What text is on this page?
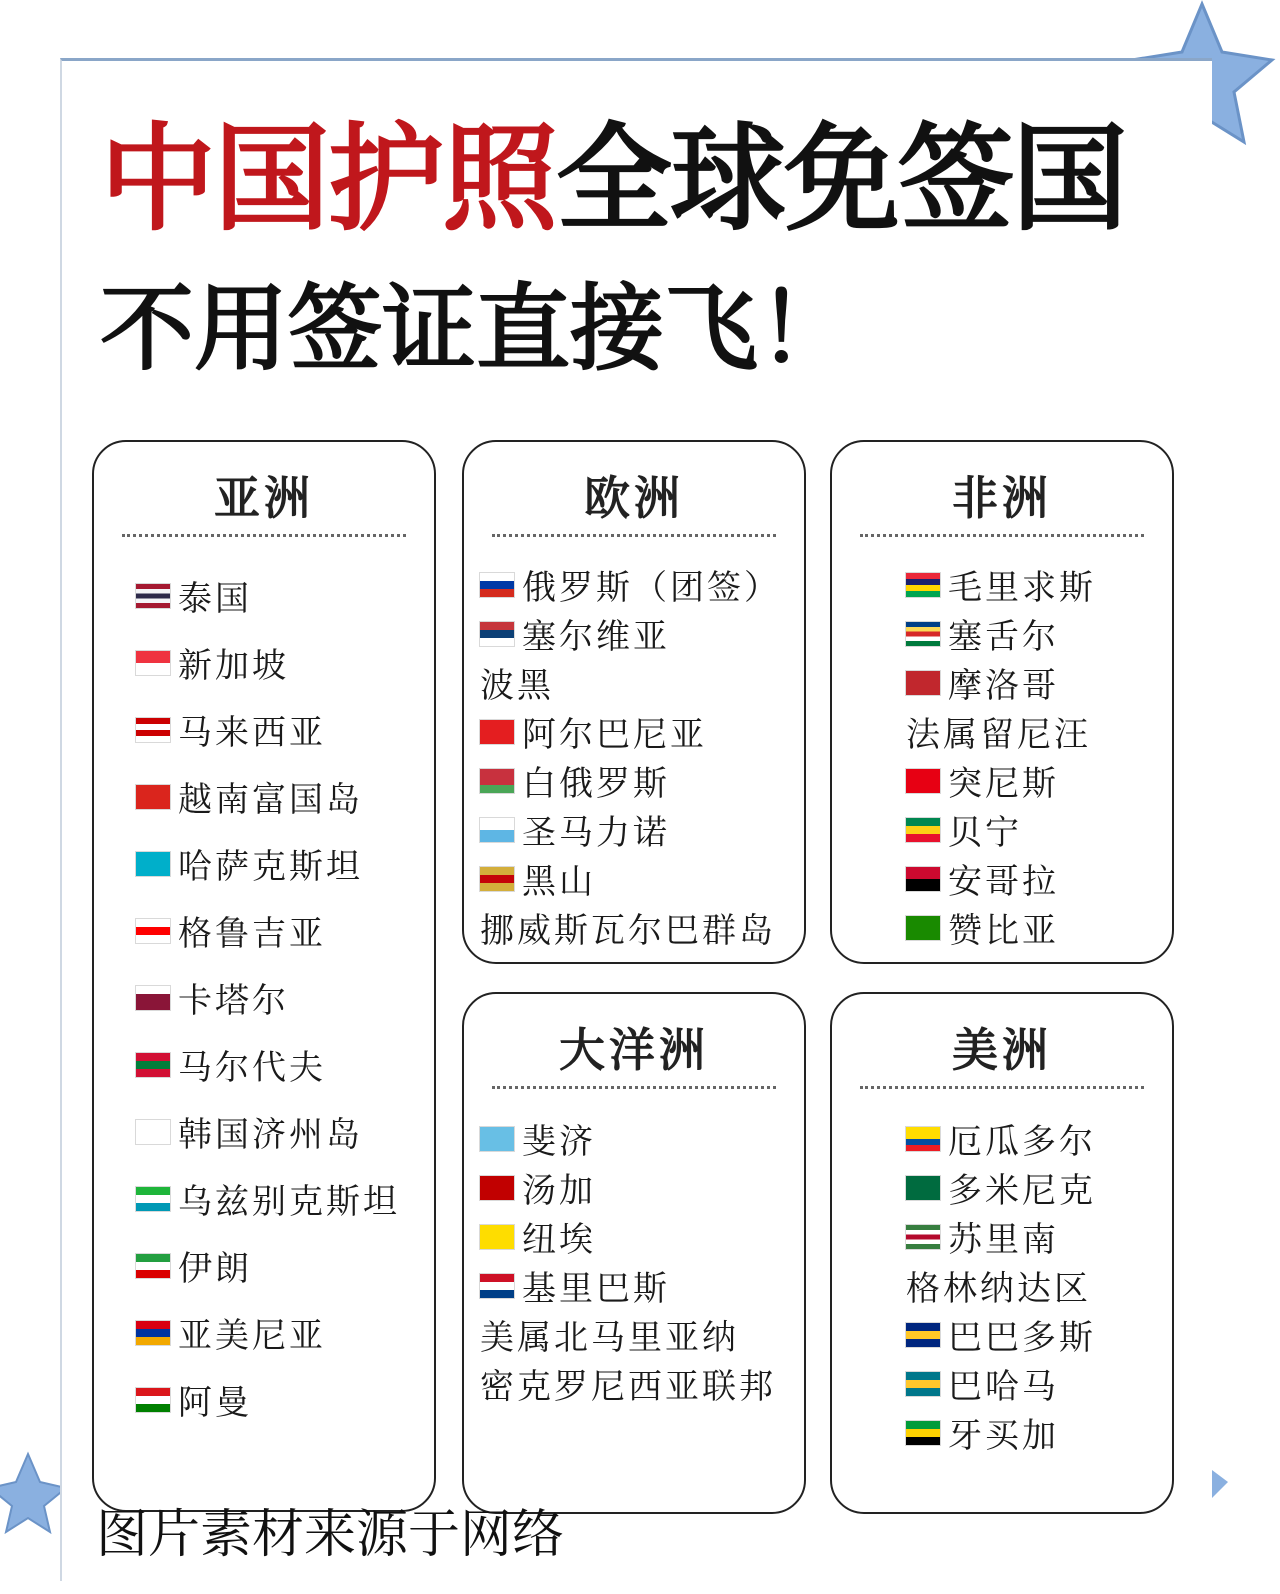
中国护照全球免签国
不用签证直接飞！
亚洲
泰国
新加坡
马来西亚
越南富国岛
哈萨克斯坦
格鲁吉亚
卡塔尔
马尔代夫
韩国济州岛
乌兹别克斯坦
伊朗
亚美尼亚
阿曼
欧洲
俄罗斯（团签）
塞尔维亚
波黑
阿尔巴尼亚
白俄罗斯
圣马力诺
黑山
挪威斯瓦尔巴群岛
非洲
毛里求斯
塞舌尔
摩洛哥
法属留尼汪
突尼斯
贝宁
安哥拉
赞比亚
大洋洲
斐济
汤加
纽埃
基里巴斯
美属北马里亚纳
密克罗尼西亚联邦
美洲
厄瓜多尔
多米尼克
苏里南
格林纳达区
巴巴多斯
巴哈马
牙买加
图片素材来源于网络
